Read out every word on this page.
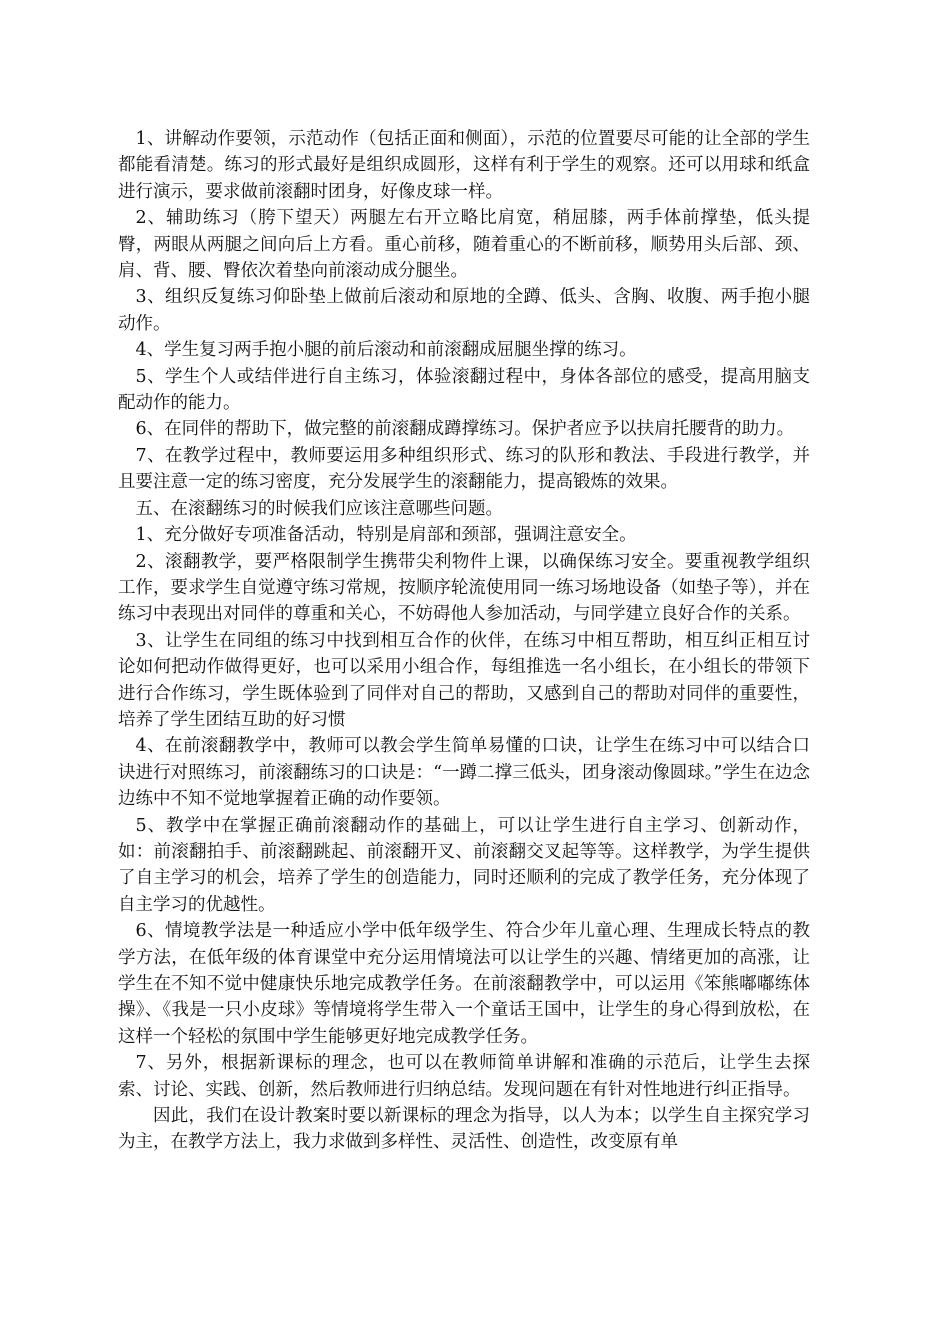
1、讲解动作要领，示范动作（包括正面和侧面），示范的位置要尽可能的让全部的学生都能看清楚。练习的形式最好是组织成圆形，这样有利于学生的观察。还可以用球和纸盒进行演示，要求做前滚翻时团身，好像皮球一样。

2、辅助练习（胯下望天）两腿左右开立略比肩宽，稍屈膝，两手体前撑垫，低头提臀，两眼从两腿之间向后上方看。重心前移，随着重心的不断前移，顺势用头后部、颈、肩、背、腰、臀依次着垫向前滚动成分腿坐。

3、组织反复练习仰卧垫上做前后滚动和原地的全蹲、低头、含胸、收腹、两手抱小腿动作。

4、学生复习两手抱小腿的前后滚动和前滚翻成屈腿坐撑的练习。

5、学生个人或结伴进行自主练习，体验滚翻过程中，身体各部位的感受，提高用脑支配动作的能力。

6、在同伴的帮助下，做完整的前滚翻成蹲撑练习。保护者应予以扶肩托腰背的助力。

7、在教学过程中，教师要运用多种组织形式、练习的队形和教法、手段进行教学，并且要注意一定的练习密度，充分发展学生的滚翻能力，提高锻炼的效果。

五、在滚翻练习的时候我们应该注意哪些问题。

1、充分做好专项准备活动，特别是肩部和颈部，强调注意安全。

2、滚翻教学，要严格限制学生携带尖利物件上课，以确保练习安全。要重视教学组织工作，要求学生自觉遵守练习常规，按顺序轮流使用同一练习场地设备（如垫子等），并在练习中表现出对同伴的尊重和关心，不妨碍他人参加活动，与同学建立良好合作的关系。

3、让学生在同组的练习中找到相互合作的伙伴，在练习中相互帮助，相互纠正相互讨论如何把动作做得更好，也可以采用小组合作，每组推选一名小组长，在小组长的带领下进行合作练习，学生既体验到了同伴对自己的帮助，又感到自己的帮助对同伴的重要性，培养了学生团结互助的好习惯

4、在前滚翻教学中，教师可以教会学生简单易懂的口诀，让学生在练习中可以结合口诀进行对照练习，前滚翻练习的口诀是：“一蹲二撑三低头，团身滚动像圆球。”学生在边念边练中不知不觉地掌握着正确的动作要领。

5、教学中在掌握正确前滚翻动作的基础上，可以让学生进行自主学习、创新动作，如：前滚翻拍手、前滚翻跳起、前滚翻开叉、前滚翻交叉起等等。这样教学，为学生提供了自主学习的机会，培养了学生的创造能力，同时还顺利的完成了教学任务，充分体现了自主学习的优越性。

6、情境教学法是一种适应小学中低年级学生、符合少年儿童心理、生理成长特点的教学方法，在低年级的体育课堂中充分运用情境法可以让学生的兴趣、情绪更加的高涨，让学生在不知不觉中健康快乐地完成教学任务。在前滚翻教学中，可以运用《笨熊嘟嘟练体操》、《我是一只小皮球》等情境将学生带入一个童话王国中，让学生的身心得到放松，在这样一个轻松的氛围中学生能够更好地完成教学任务。

7、另外，根据新课标的理念，也可以在教师简单讲解和准确的示范后，让学生去探索、讨论、实践、创新，然后教师进行归纳总结。发现问题在有针对性地进行纠正指导。

因此，我们在设计教案时要以新课标的理念为指导，以人为本；以学生自主探究学习为主，在教学方法上，我力求做到多样性、灵活性、创造性，改变原有单
